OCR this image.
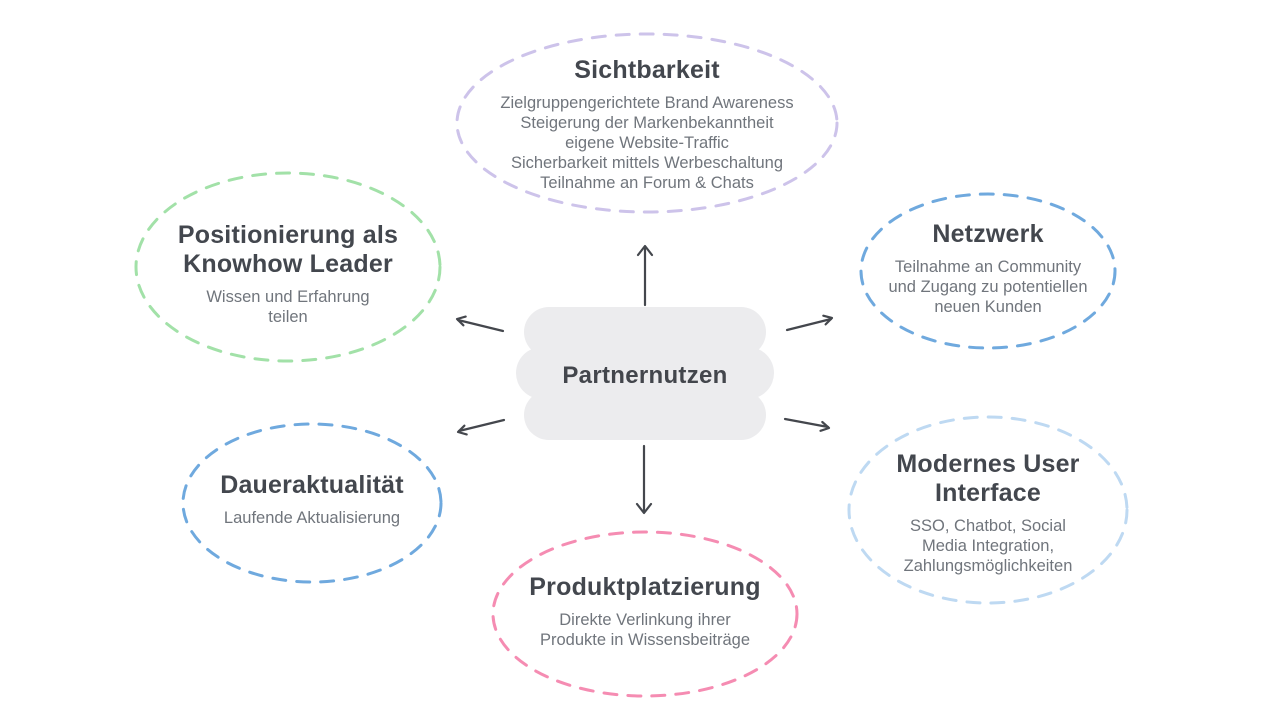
Partnernutzen
Sichtbarkeit
Zielgruppengerichtete Brand Awareness
Steigerung der Markenbekanntheit
eigene Website-Traffic
Sicherbarkeit mittels Werbeschaltung
Teilnahme an Forum & Chats
Positionierung als
Knowhow Leader
Wissen und Erfahrung
teilen
Netzwerk
Teilnahme an Community
und Zugang zu potentiellen
neuen Kunden
Daueraktualität
Laufende Aktualisierung
Produktplatzierung
Direkte Verlinkung ihrer
Produkte in Wissensbeiträge
Modernes User
Interface
SSO, Chatbot, Social
Media Integration,
Zahlungsmöglichkeiten
